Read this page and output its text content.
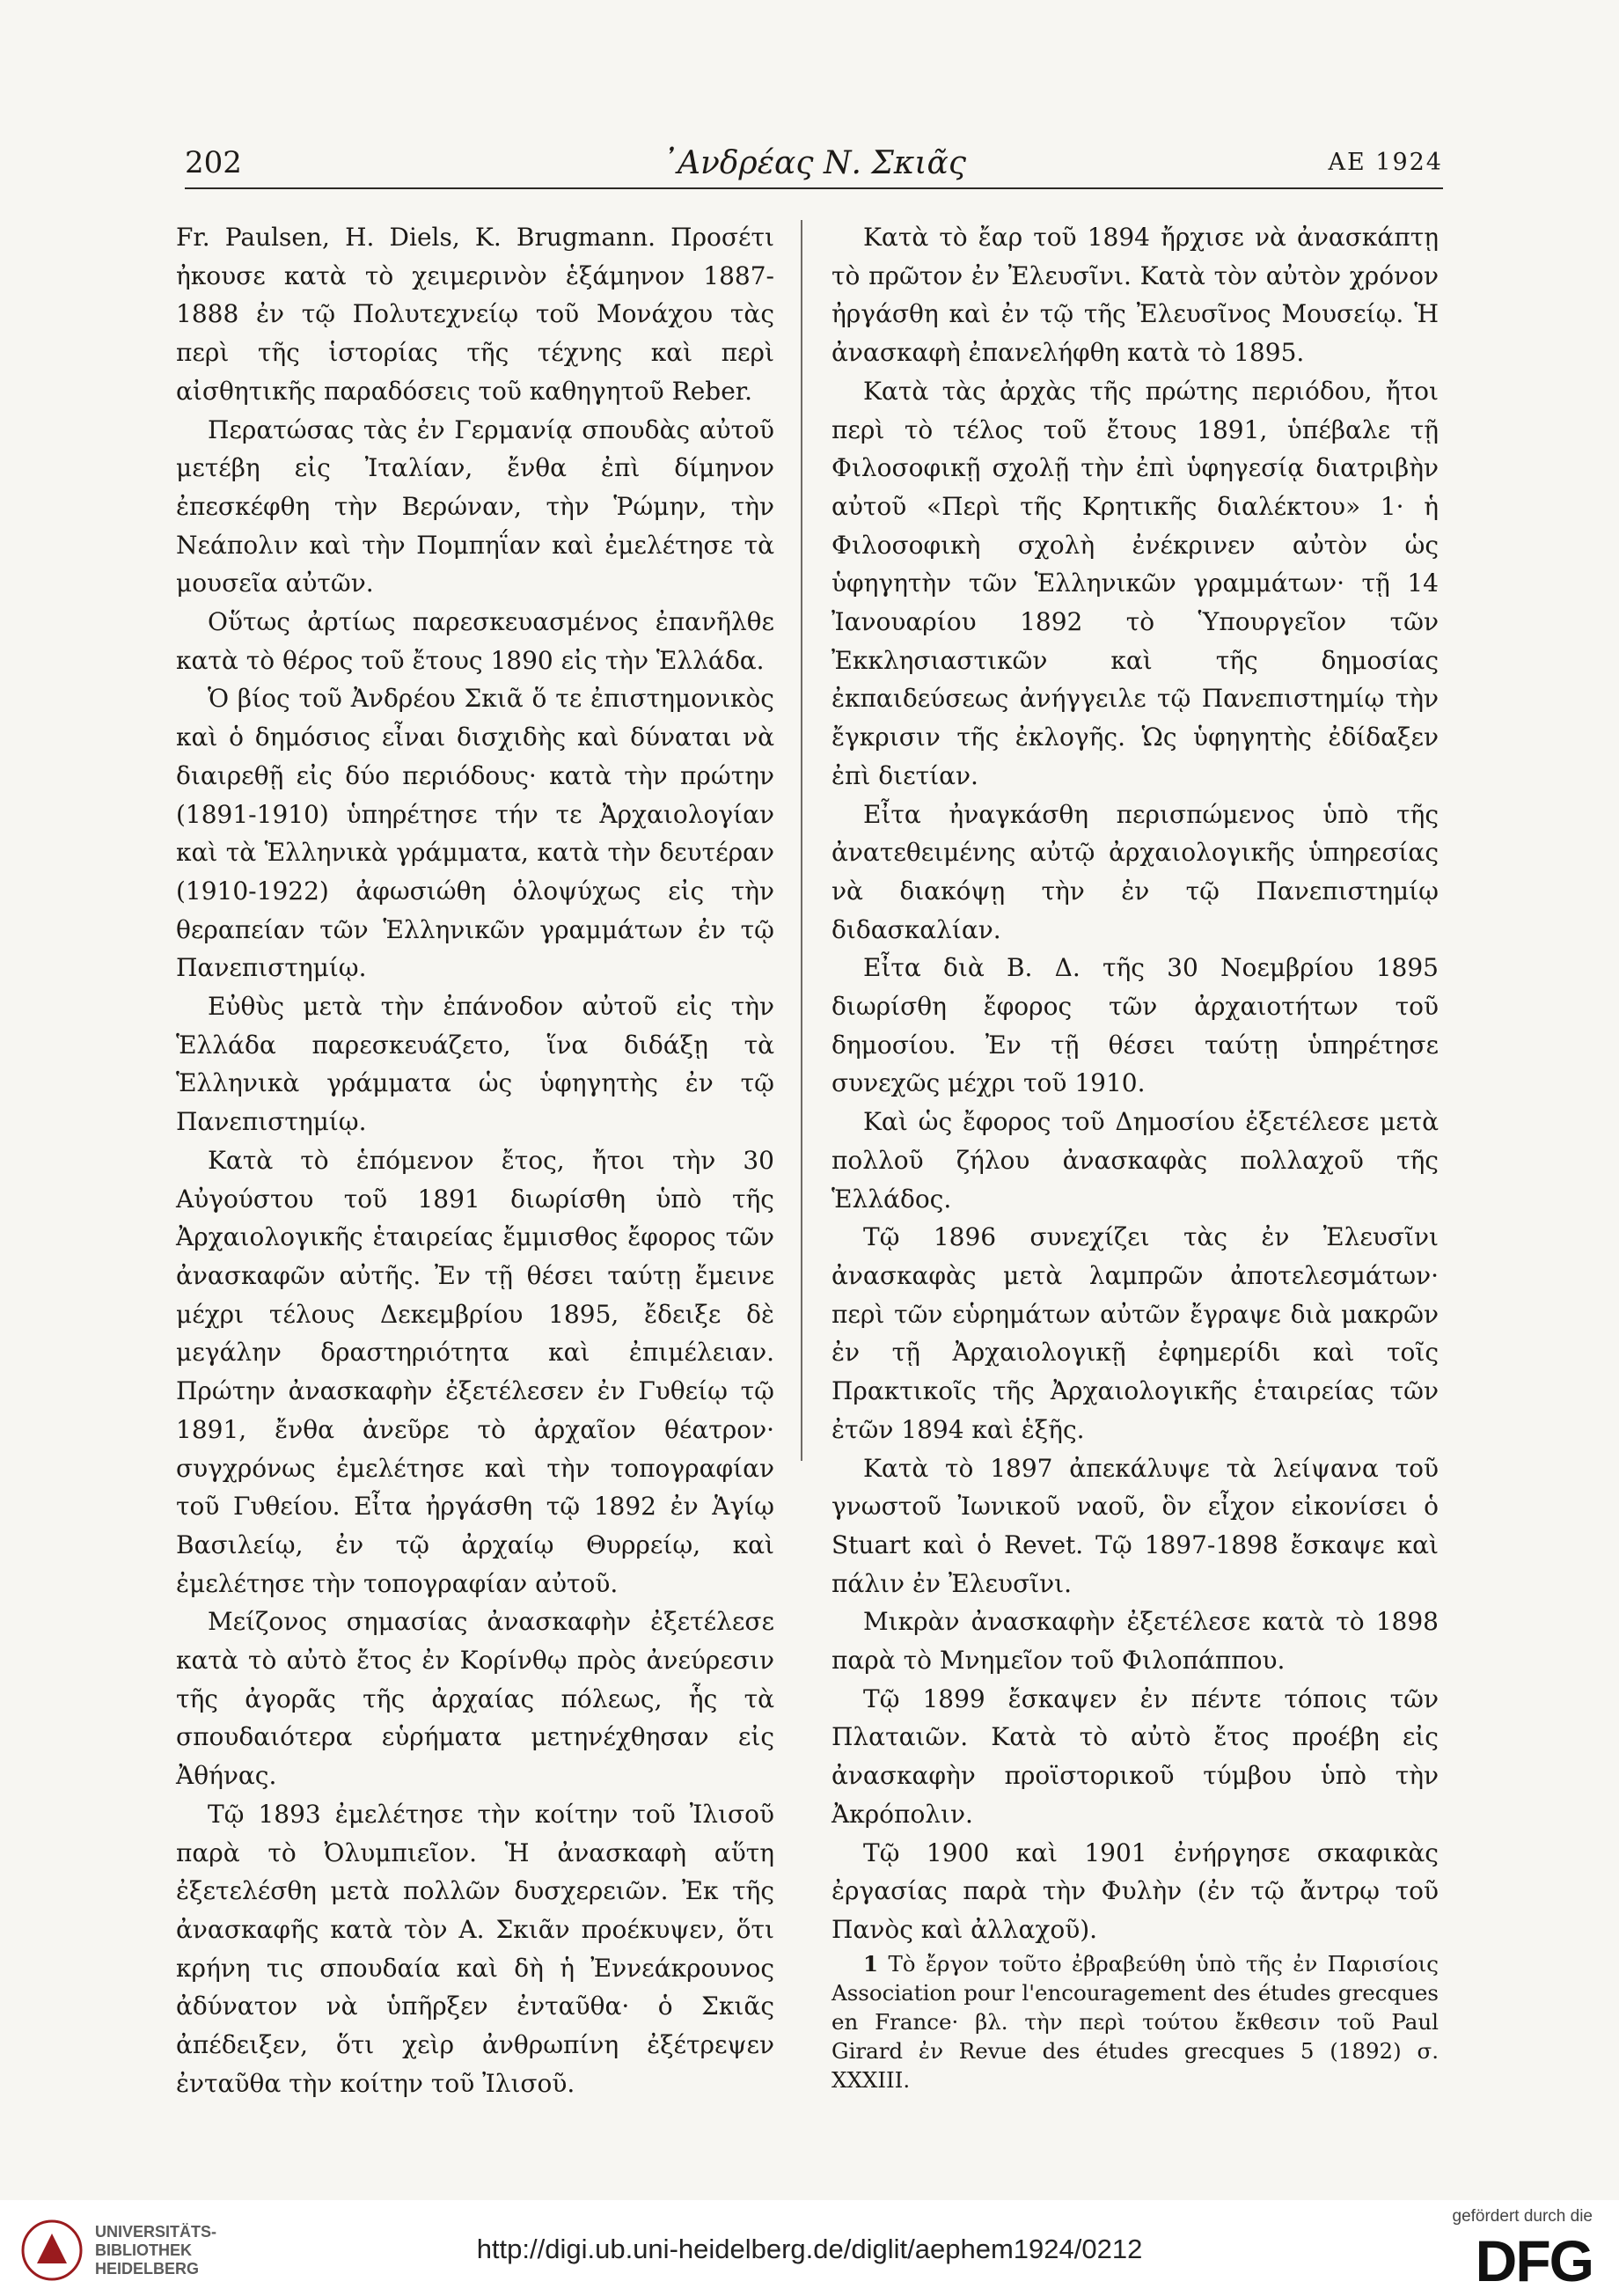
202	᾿Ανδρέας Ν. Σκιᾶς	ΑΕ 1924

Fr. Paulsen, H. Diels, K. Brugmann. Προσέτι ἠκουσε κατὰ τὸ χειμερινὸν ἑξάμηνον 1887-1888 ἐν τῷ Πολυτεχνείῳ τοῦ Μονάχου τὰς περὶ τῆς ἱστορίας τῆς τέχνης καὶ περὶ αἰσθητικῆς παραδόσεις τοῦ καθηγητοῦ Reber.

Περατώσας τὰς ἐν Γερμανίᾳ σπουδὰς αὐτοῦ μετέβη εἰς Ἰταλίαν, ἔνθα ἐπὶ δίμηνον ἐπεσκέφθη τὴν Βερώναν, τὴν Ῥώμην, τὴν Νεάπολιν καὶ τὴν Πομπηΐαν καὶ ἐμελέτησε τὰ μουσεῖα αὐτῶν.

Οὕτως ἀρτίως παρεσκευασμένος ἐπανῆλθε κατὰ τὸ θέρος τοῦ ἔτους 1890 εἰς τὴν Ἑλλάδα.

Ὁ βίος τοῦ Ἀνδρέου Σκιᾶ ὅ τε ἐπιστημονικὸς καὶ ὁ δημόσιος εἶναι δισχιδὴς καὶ δύναται νὰ διαιρεθῇ εἰς δύο περιόδους· κατὰ τὴν πρώτην (1891-1910) ὑπηρέτησε τήν τε Ἀρχαιολογίαν καὶ τὰ Ἑλληνικὰ γράμματα, κατὰ τὴν δευτέραν (1910-1922) ἀφωσιώθη ὁλοψύχως εἰς τὴν θεραπείαν τῶν Ἑλληνικῶν γραμμάτων ἐν τῷ Πανεπιστημίῳ.

Εὐθὺς μετὰ τὴν ἐπάνοδον αὐτοῦ εἰς τὴν Ἑλλάδα παρεσκευάζετο, ἵνα διδάξῃ τὰ Ἑλληνικὰ γράμματα ὡς ὑφηγητὴς ἐν τῷ Πανεπιστημίῳ.

Κατὰ τὸ ἑπόμενον ἔτος, ἤτοι τὴν 30 Αὐγούστου τοῦ 1891 διωρίσθη ὑπὸ τῆς Ἀρχαιολογικῆς ἑταιρείας ἔμμισθος ἔφορος τῶν ἀνασκαφῶν αὐτῆς. Ἐν τῇ θέσει ταύτῃ ἔμεινε μέχρι τέλους Δεκεμβρίου 1895, ἔδειξε δὲ μεγάλην δραστηριότητα καὶ ἐπιμέλειαν. Πρώτην ἀνασκαφὴν ἐξετέλεσεν ἐν Γυθείῳ τῷ 1891, ἔνθα ἀνεῦρε τὸ ἀρχαῖον θέατρον· συγχρόνως ἐμελέτησε καὶ τὴν τοπογραφίαν τοῦ Γυθείου. Εἶτα ἠργάσθη τῷ 1892 ἐν Ἁγίῳ Βασιλείῳ, ἐν τῷ ἀρχαίῳ Θυρρείῳ, καὶ ἐμελέτησε τὴν τοπογραφίαν αὐτοῦ.

Μείζονος σημασίας ἀνασκαφὴν ἐξετέλεσε κατὰ τὸ αὐτὸ ἔτος ἐν Κορίνθῳ πρὸς ἀνεύρεσιν τῆς ἀγορᾶς τῆς ἀρχαίας πόλεως, ἧς τὰ σπουδαιότερα εὑρήματα μετηνέχθησαν εἰς Ἀθήνας.

Τῷ 1893 ἐμελέτησε τὴν κοίτην τοῦ Ἰλισοῦ παρὰ τὸ Ὀλυμπιεῖον. Ἡ ἀνασκαφὴ αὕτη ἐξετελέσθη μετὰ πολλῶν δυσχερειῶν. Ἐκ τῆς ἀνασκαφῆς κατὰ τὸν Α. Σκιᾶν προέκυψεν, ὅτι κρήνη τις σπουδαία καὶ δὴ ἡ Ἐννεάκρουνος ἀδύνατον νὰ ὑπῆρξεν ἐνταῦθα· ὁ Σκιᾶς ἀπέδειξεν, ὅτι χεὶρ ἀνθρωπίνη ἐξέτρεψεν ἐνταῦθα τὴν κοίτην τοῦ Ἰλισοῦ.

Κατὰ τὸ ἔαρ τοῦ 1894 ἤρχισε νὰ ἀνασκάπτῃ τὸ πρῶτον ἐν Ἐλευσῖνι. Κατὰ τὸν αὐτὸν χρόνον ἠργάσθη καὶ ἐν τῷ τῆς Ἐλευσῖνος Μουσείῳ. Ἡ ἀνασκαφὴ ἐπανελήφθη κατὰ τὸ 1895.

Κατὰ τὰς ἀρχὰς τῆς πρώτης περιόδου, ἤτοι περὶ τὸ τέλος τοῦ ἔτους 1891, ὑπέβαλε τῇ Φιλοσοφικῇ σχολῇ τὴν ἐπὶ ὑφηγεσίᾳ διατριβὴν αὐτοῦ «Περὶ τῆς Κρητικῆς διαλέκτου» 1· ἡ Φιλοσοφικὴ σχολὴ ἐνέκρινεν αὐτὸν ὡς ὑφηγητὴν τῶν Ἑλληνικῶν γραμμάτων· τῇ 14 Ἰανουαρίου 1892 τὸ Ὑπουργεῖον τῶν Ἐκκλησιαστικῶν καὶ τῆς δημοσίας ἐκπαιδεύσεως ἀνήγγειλε τῷ Πανεπιστημίῳ τὴν ἔγκρισιν τῆς ἐκλογῆς. Ὡς ὑφηγητὴς ἐδίδαξεν ἐπὶ διετίαν.

Εἶτα ἠναγκάσθη περισπώμενος ὑπὸ τῆς ἀνατεθειμένης αὐτῷ ἀρχαιολογικῆς ὑπηρεσίας νὰ διακόψῃ τὴν ἐν τῷ Πανεπιστημίῳ διδασκαλίαν.

Εἶτα διὰ Β. Δ. τῆς 30 Νοεμβρίου 1895 διωρίσθη ἔφορος τῶν ἀρχαιοτήτων τοῦ δημοσίου. Ἐν τῇ θέσει ταύτῃ ὑπηρέτησε συνεχῶς μέχρι τοῦ 1910.

Καὶ ὡς ἔφορος τοῦ Δημοσίου ἐξετέλεσε μετὰ πολλοῦ ζήλου ἀνασκαφὰς πολλαχοῦ τῆς Ἑλλάδος.

Τῷ 1896 συνεχίζει τὰς ἐν Ἐλευσῖνι ἀνασκαφὰς μετὰ λαμπρῶν ἀποτελεσμάτων· περὶ τῶν εὑρημάτων αὐτῶν ἔγραψε διὰ μακρῶν ἐν τῇ Ἀρχαιολογικῇ ἐφημερίδι καὶ τοῖς Πρακτικοῖς τῆς Ἀρχαιολογικῆς ἑταιρείας τῶν ἐτῶν 1894 καὶ ἑξῆς.

Κατὰ τὸ 1897 ἀπεκάλυψε τὰ λείψανα τοῦ γνωστοῦ Ἰωνικοῦ ναοῦ, ὃν εἶχον εἰκονίσει ὁ Stuart καὶ ὁ Revet. Τῷ 1897-1898 ἔσκαψε καὶ πάλιν ἐν Ἐλευσῖνι.

Μικρὰν ἀνασκαφὴν ἐξετέλεσε κατὰ τὸ 1898 παρὰ τὸ Μνημεῖον τοῦ Φιλοπάππου.

Τῷ 1899 ἔσκαψεν ἐν πέντε τόποις τῶν Πλαταιῶν. Κατὰ τὸ αὐτὸ ἔτος προέβη εἰς ἀνασκαφὴν προϊστορικοῦ τύμβου ὑπὸ τὴν Ἀκρόπολιν.

Τῷ 1900 καὶ 1901 ἐνήργησε σκαφικὰς ἐργασίας παρὰ τὴν Φυλὴν (ἐν τῷ ἄντρῳ τοῦ Πανὸς καὶ ἀλλαχοῦ).

1 Τὸ ἔργον τοῦτο ἐβραβεύθη ὑπὸ τῆς ἐν Παρισίοις Association pour l'encouragement des études grecques en France· βλ. τὴν περὶ τούτου ἔκθεσιν τοῦ Paul Girard ἐν Revue des études grecques 5 (1892) σ. XXXIII.

UNIVERSITÄTS-
BIBLIOTHEK
HEIDELBERG
http://digi.ub.uni-heidelberg.de/diglit/aephem1924/0212
gefördert durch die
DFG
